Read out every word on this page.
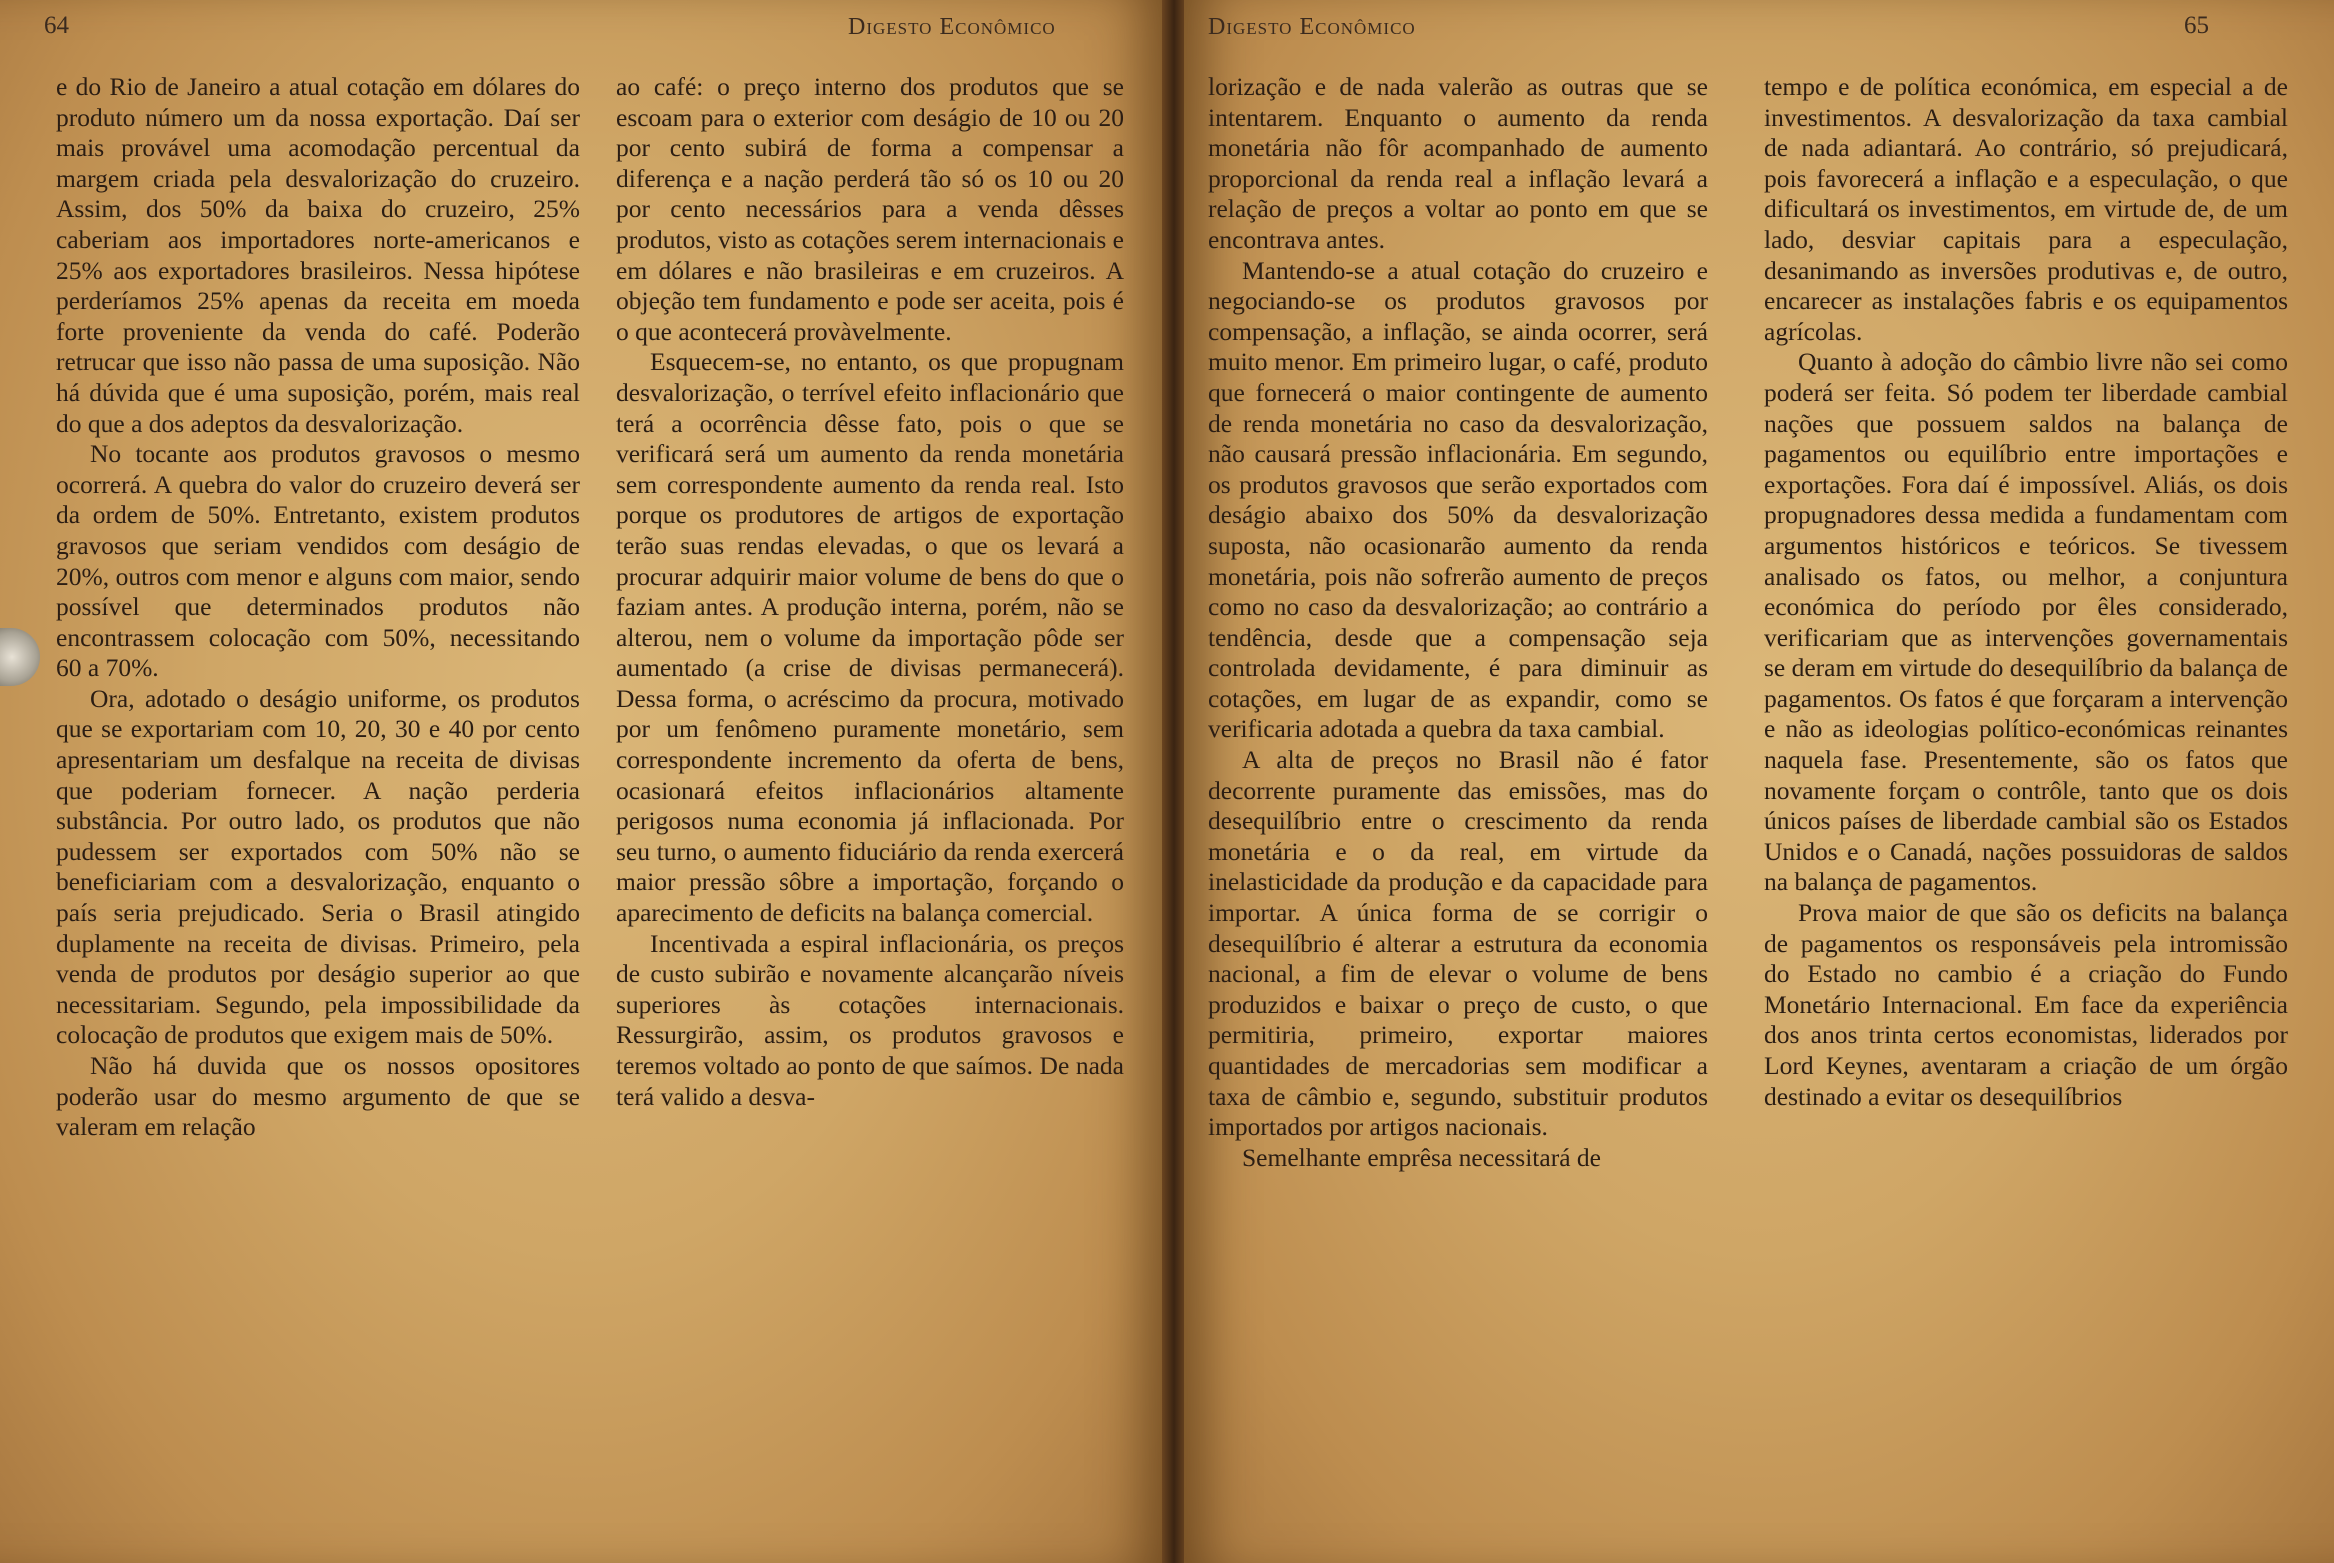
64	Digesto Econômico

e do Rio de Janeiro a atual cotação em dólares do produto número um da nossa exportação. Daí ser mais provável uma acomodação percentual da margem criada pela desvalorização do cruzeiro. Assim, dos 50% da baixa do cruzeiro, 25% caberiam aos importadores norte-americanos e 25% aos exportadores brasileiros. Nessa hipótese perderíamos 25% apenas da receita em moeda forte proveniente da venda do café. Poderão retrucar que isso não passa de uma suposição. Não há dúvida que é uma suposição, porém, mais real do que a dos adeptos da desvalorização.

No tocante aos produtos gravosos o mesmo ocorrerá. A quebra do valor do cruzeiro deverá ser da ordem de 50%. Entretanto, existem produtos gravosos que seriam vendidos com deságio de 20%, outros com menor e alguns com maior, sendo possível que determinados produtos não encontrassem colocação com 50%, necessitando 60 a 70%.

Ora, adotado o deságio uniforme, os produtos que se exportariam com 10, 20, 30 e 40 por cento apresentariam um desfalque na receita de divisas que poderiam fornecer. A nação perderia substância. Por outro lado, os produtos que não pudessem ser exportados com 50% não se beneficiariam com a desvalorização, enquanto o país seria prejudicado. Seria o Brasil atingido duplamente na receita de divisas. Primeiro, pela venda de produtos por deságio superior ao que necessitariam. Segundo, pela impossibilidade da colocação de produtos que exigem mais de 50%.

Não há duvida que os nossos opositores poderão usar do mesmo argumento de que se valeram em relação

ao café: o preço interno dos produtos que se escoam para o exterior com deságio de 10 ou 20 por cento subirá de forma a compensar a diferença e a nação perderá tão só os 10 ou 20 por cento necessários para a venda dêsses produtos, visto as cotações serem internacionais e em dólares e não brasileiras e em cruzeiros. A objeção tem fundamento e pode ser aceita, pois é o que acontecerá provàvelmente.

Esquecem-se, no entanto, os que propugnam desvalorização, o terrível efeito inflacionário que terá a ocorrência dêsse fato, pois o que se verificará será um aumento da renda monetária sem correspondente aumento da renda real. Isto porque os produtores de artigos de exportação terão suas rendas elevadas, o que os levará a procurar adquirir maior volume de bens do que o faziam antes. A produção interna, porém, não se alterou, nem o volume da importação pôde ser aumentado (a crise de divisas permanecerá). Dessa forma, o acréscimo da procura, motivado por um fenômeno puramente monetário, sem correspondente incremento da oferta de bens, ocasionará efeitos inflacionários altamente perigosos numa economia já inflacionada. Por seu turno, o aumento fiduciário da renda exercerá maior pressão sôbre a importação, forçando o aparecimento de deficits na balança comercial.

Incentivada a espiral inflacionária, os preços de custo subirão e novamente alcançarão níveis superiores às cotações internacionais. Ressurgirão, assim, os produtos gravosos e teremos voltado ao ponto de que saímos. De nada terá valido a desva-

Digesto Econômico	65

lorização e de nada valerão as outras que se intentarem. Enquanto o aumento da renda monetária não fôr acompanhado de aumento proporcional da renda real a inflação levará a relação de preços a voltar ao ponto em que se encontrava antes.

Mantendo-se a atual cotação do cruzeiro e negociando-se os produtos gravosos por compensação, a inflação, se ainda ocorrer, será muito menor. Em primeiro lugar, o café, produto que fornecerá o maior contingente de aumento de renda monetária no caso da desvalorização, não causará pressão inflacionária. Em segundo, os produtos gravosos que serão exportados com deságio abaixo dos 50% da desvalorização suposta, não ocasionarão aumento da renda monetária, pois não sofrerão aumento de preços como no caso da desvalorização; ao contrário a tendência, desde que a compensação seja controlada devidamente, é para diminuir as cotações, em lugar de as expandir, como se verificaria adotada a quebra da taxa cambial.

A alta de preços no Brasil não é fator decorrente puramente das emissões, mas do desequilíbrio entre o crescimento da renda monetária e o da real, em virtude da inelasticidade da produção e da capacidade para importar. A única forma de se corrigir o desequilíbrio é alterar a estrutura da economia nacional, a fim de elevar o volume de bens produzidos e baixar o preço de custo, o que permitiria, primeiro, exportar maiores quantidades de mercadorias sem modificar a taxa de câmbio e, segundo, substituir produtos importados por artigos nacionais.

Semelhante emprêsa necessitará de

tempo e de política económica, em especial a de investimentos. A desvalorização da taxa cambial de nada adiantará. Ao contrário, só prejudicará, pois favorecerá a inflação e a especulação, o que dificultará os investimentos, em virtude de, de um lado, desviar capitais para a especulação, desanimando as inversões produtivas e, de outro, encarecer as instalações fabris e os equipamentos agrícolas.

Quanto à adoção do câmbio livre não sei como poderá ser feita. Só podem ter liberdade cambial nações que possuem saldos na balança de pagamentos ou equilíbrio entre importações e exportações. Fora daí é impossível. Aliás, os dois propugnadores dessa medida a fundamentam com argumentos históricos e teóricos. Se tivessem analisado os fatos, ou melhor, a conjuntura económica do período por êles considerado, verificariam que as intervenções governamentais se deram em virtude do desequilíbrio da balança de pagamentos. Os fatos é que forçaram a intervenção e não as ideologias político-económicas reinantes naquela fase. Presentemente, são os fatos que novamente forçam o contrôle, tanto que os dois únicos países de liberdade cambial são os Estados Unidos e o Canadá, nações possuidoras de saldos na balança de pagamentos.

Prova maior de que são os deficits na balança de pagamentos os responsáveis pela intromissão do Estado no cambio é a criação do Fundo Monetário Internacional. Em face da experiência dos anos trinta certos economistas, liderados por Lord Keynes, aventaram a criação de um órgão destinado a evitar os desequilíbrios
